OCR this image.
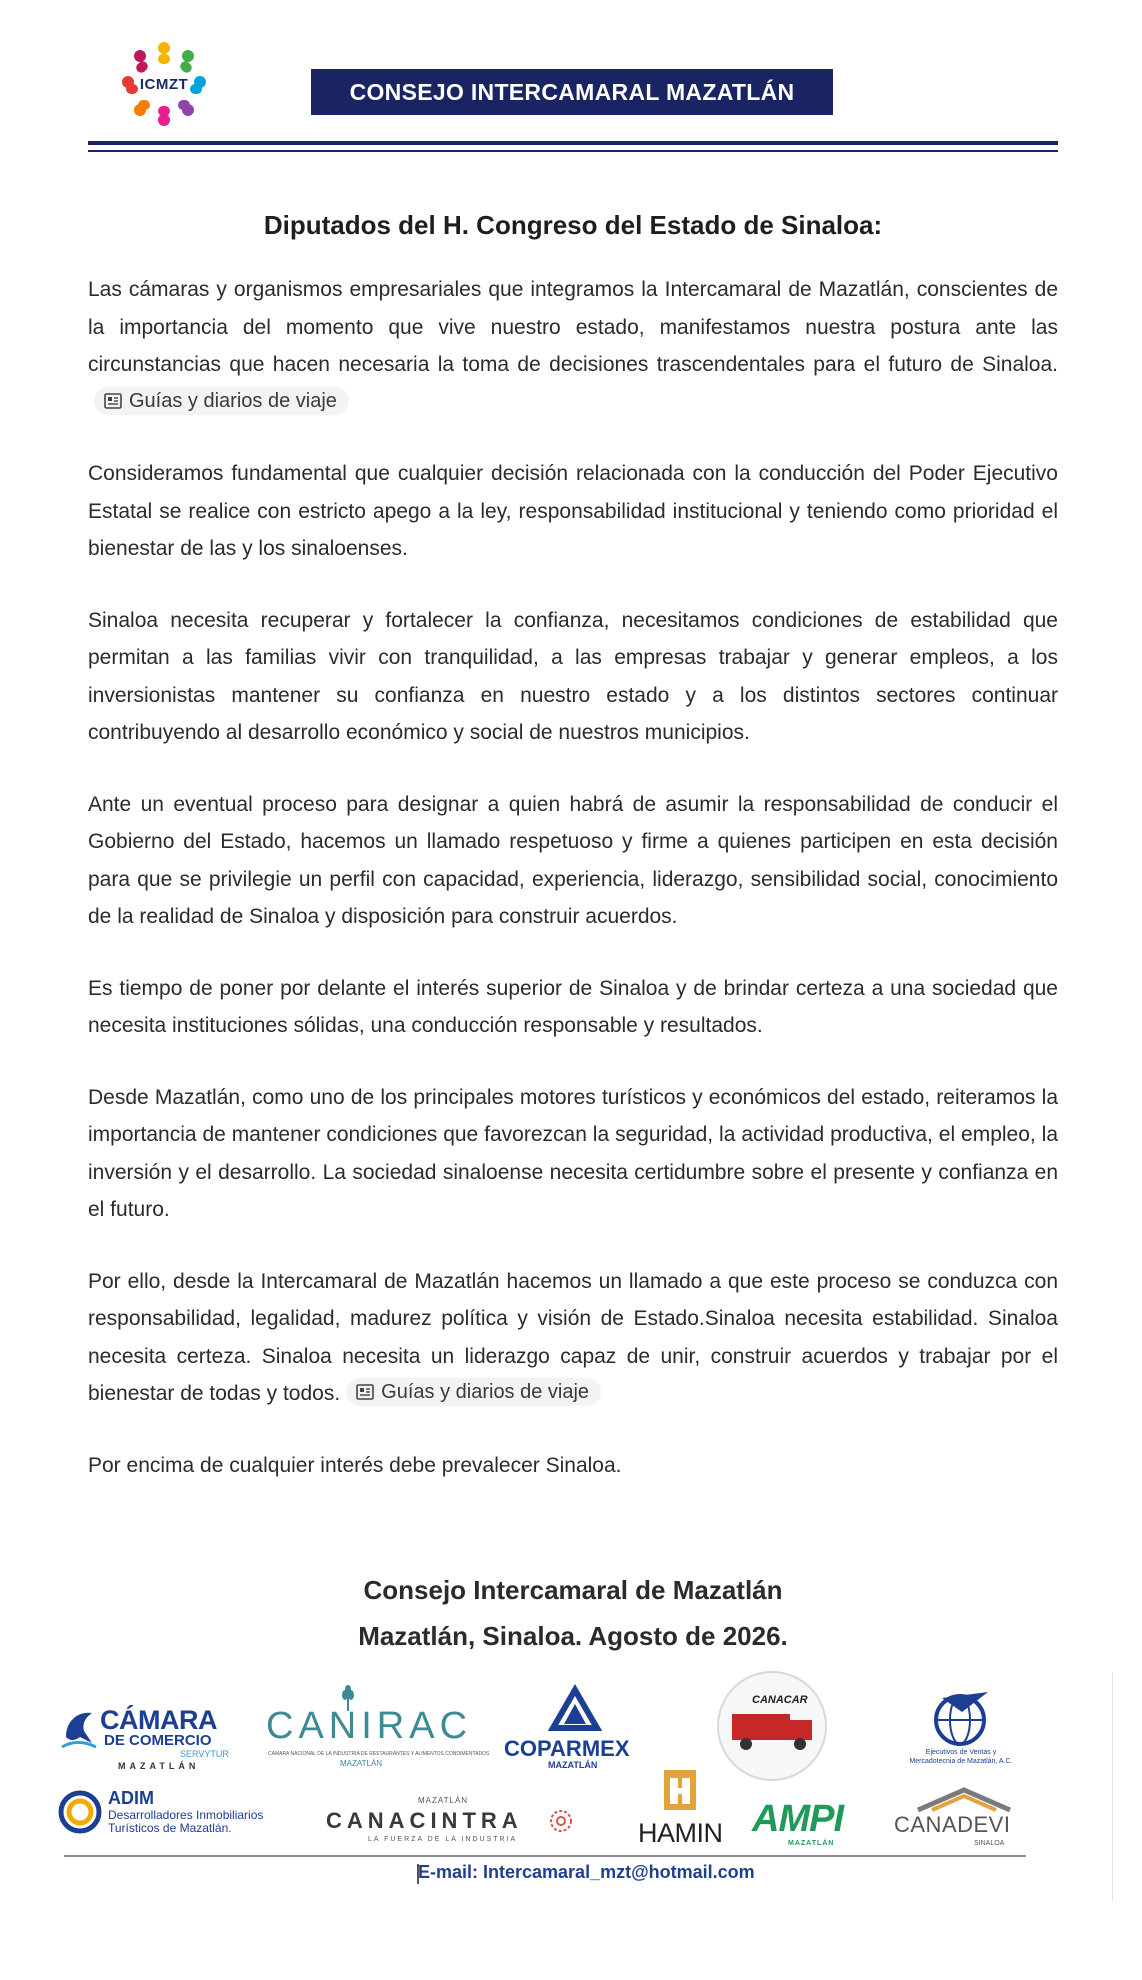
ICMZT	CONSEJO INTERCAMARAL MAZATLÁN
Diputados del H. Congreso del Estado de Sinaloa:

Las cámaras y organismos empresariales que integramos la Intercamaral de Mazatlán, conscientes de la importancia del momento que vive nuestro estado, manifestamos nuestra postura ante las circunstancias que hacen necesaria la toma de decisiones trascendentales para el futuro de Sinaloa.
Guías y diarios de viaje

Consideramos fundamental que cualquier decisión relacionada con la conducción del Poder Ejecutivo Estatal se realice con estricto apego a la ley, responsabilidad institucional y teniendo como prioridad el bienestar de las y los sinaloenses.

Sinaloa necesita recuperar y fortalecer la confianza, necesitamos condiciones de estabilidad que permitan a las familias vivir con tranquilidad, a las empresas trabajar y generar empleos, a los inversionistas mantener su confianza en nuestro estado y a los distintos sectores continuar contribuyendo al desarrollo económico y social de nuestros municipios.

Ante un eventual proceso para designar a quien habrá de asumir la responsabilidad de conducir el Gobierno del Estado, hacemos un llamado respetuoso y firme a quienes participen en esta decisión para que se privilegie un perfil con capacidad, experiencia, liderazgo, sensibilidad social, conocimiento de la realidad de Sinaloa y disposición para construir acuerdos.

Es tiempo de poner por delante el interés superior de Sinaloa y de brindar certeza a una sociedad que necesita instituciones sólidas, una conducción responsable y resultados.

Desde Mazatlán, como uno de los principales motores turísticos y económicos del estado, reiteramos la importancia de mantener condiciones que favorezcan la seguridad, la actividad productiva, el empleo, la inversión y el desarrollo. La sociedad sinaloense necesita certidumbre sobre el presente y confianza en el futuro.

Por ello, desde la Intercamaral de Mazatlán hacemos un llamado a que este proceso se conduzca con responsabilidad, legalidad, madurez política y visión de Estado.Sinaloa necesita estabilidad. Sinaloa necesita certeza. Sinaloa necesita un liderazgo capaz de unir, construir acuerdos y trabajar por el bienestar de todas y todos. Guías y diarios de viaje

Por encima de cualquier interés debe prevalecer Sinaloa.

Consejo Intercamaral de Mazatlán
Mazatlán, Sinaloa. Agosto de 2026.
CÁMARA
DE COMERCIO
SERVYTUR
MAZATLÁN
CANIRAC
CÁMARA NACIONAL DE LA INDUSTRIA DE RESTAURANTES Y ALIMENTOS CONDIMENTADOS
MAZATLÁN
COPARMEX
MAZATLÁN
CANACAR
Ejecutivos de Ventas y Mercadotecnia de Mazatlán, A.C.
ADIM
Desarrolladores Inmobiliarios
Turísticos de Mazatlán.
MAZATLÁN
CANACINTRA
LA FUERZA DE LA INDUSTRIA	HAMIN AMPI
MAZATLÁN
CANADEVI
SINALOA
E-mail: Intercamaral_mzt@hotmail.com
